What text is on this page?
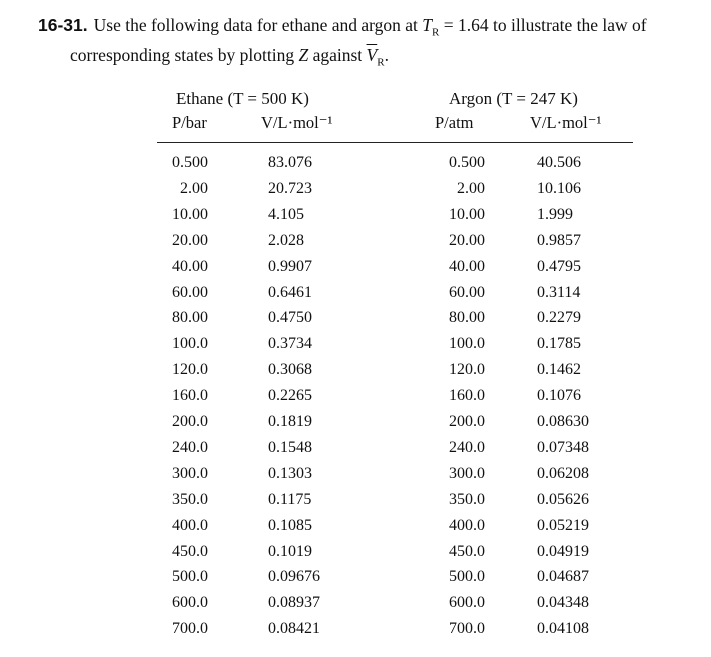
16-31. Use the following data for ethane and argon at $T_R = 1.64$ to illustrate the law of
corresponding states by plotting Z against $\overline{V}_R$.
Ethane (T = 500 K)	Argon (T = 247 K)
P/bar	V/L·mol⁻¹	P/atm	V/L·mol⁻¹
0.500	83.076	0.500	40.506
2.00	20.723	2.00	10.106
10.00	4.105	10.00	1.999
20.00	2.028	20.00	0.9857
40.00	0.9907	40.00	0.4795
60.00	0.6461	60.00	0.3114
80.00	0.4750	80.00	0.2279
100.0	0.3734	100.0	0.1785
120.0	0.3068	120.0	0.1462
160.0	0.2265	160.0	0.1076
200.0	0.1819	200.0	0.08630
240.0	0.1548	240.0	0.07348
300.0	0.1303	300.0	0.06208
350.0	0.1175	350.0	0.05626
400.0	0.1085	400.0	0.05219
450.0	0.1019	450.0	0.04919
500.0	0.09676	500.0	0.04687
600.0	0.08937	600.0	0.04348
700.0	0.08421	700.0	0.04108
